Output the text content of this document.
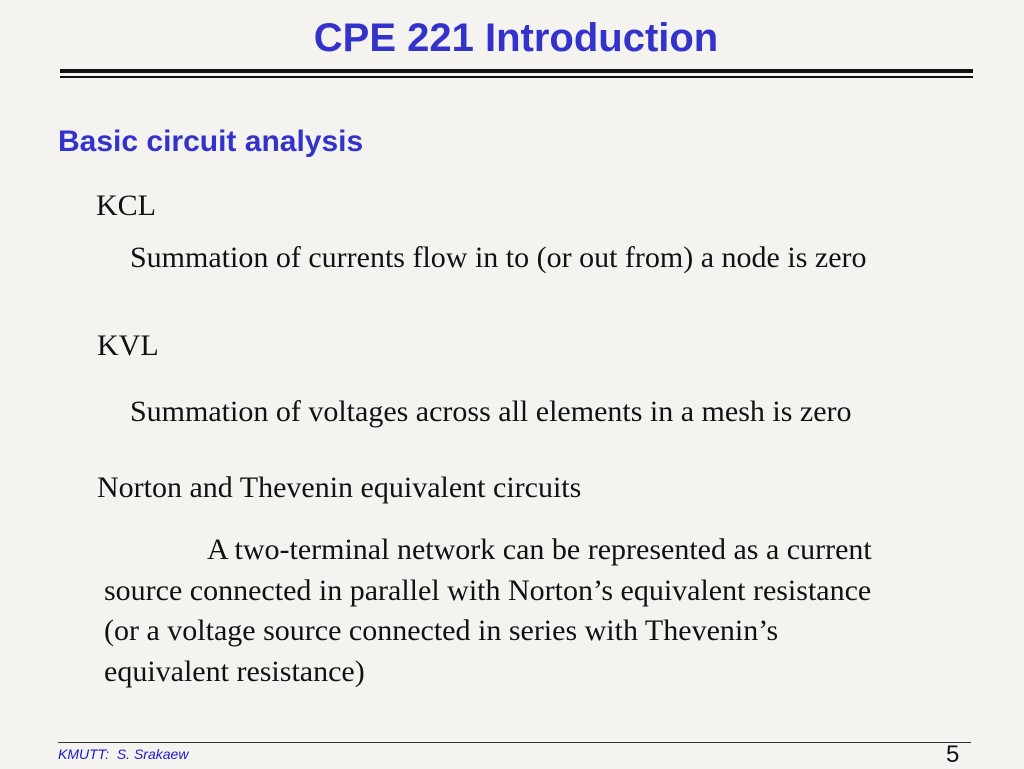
CPE 221 Introduction
Basic circuit analysis
KCL
Summation of currents flow in to (or out from) a node is zero
KVL
Summation of voltages across all elements in a mesh is zero
Norton and Thevenin equivalent circuits
A two-terminal network can be represented as a current
source connected in parallel with Norton’s equivalent resistance
(or a voltage source connected in series with Thevenin’s
equivalent resistance)
KMUTT:  S. Srakaew	5
